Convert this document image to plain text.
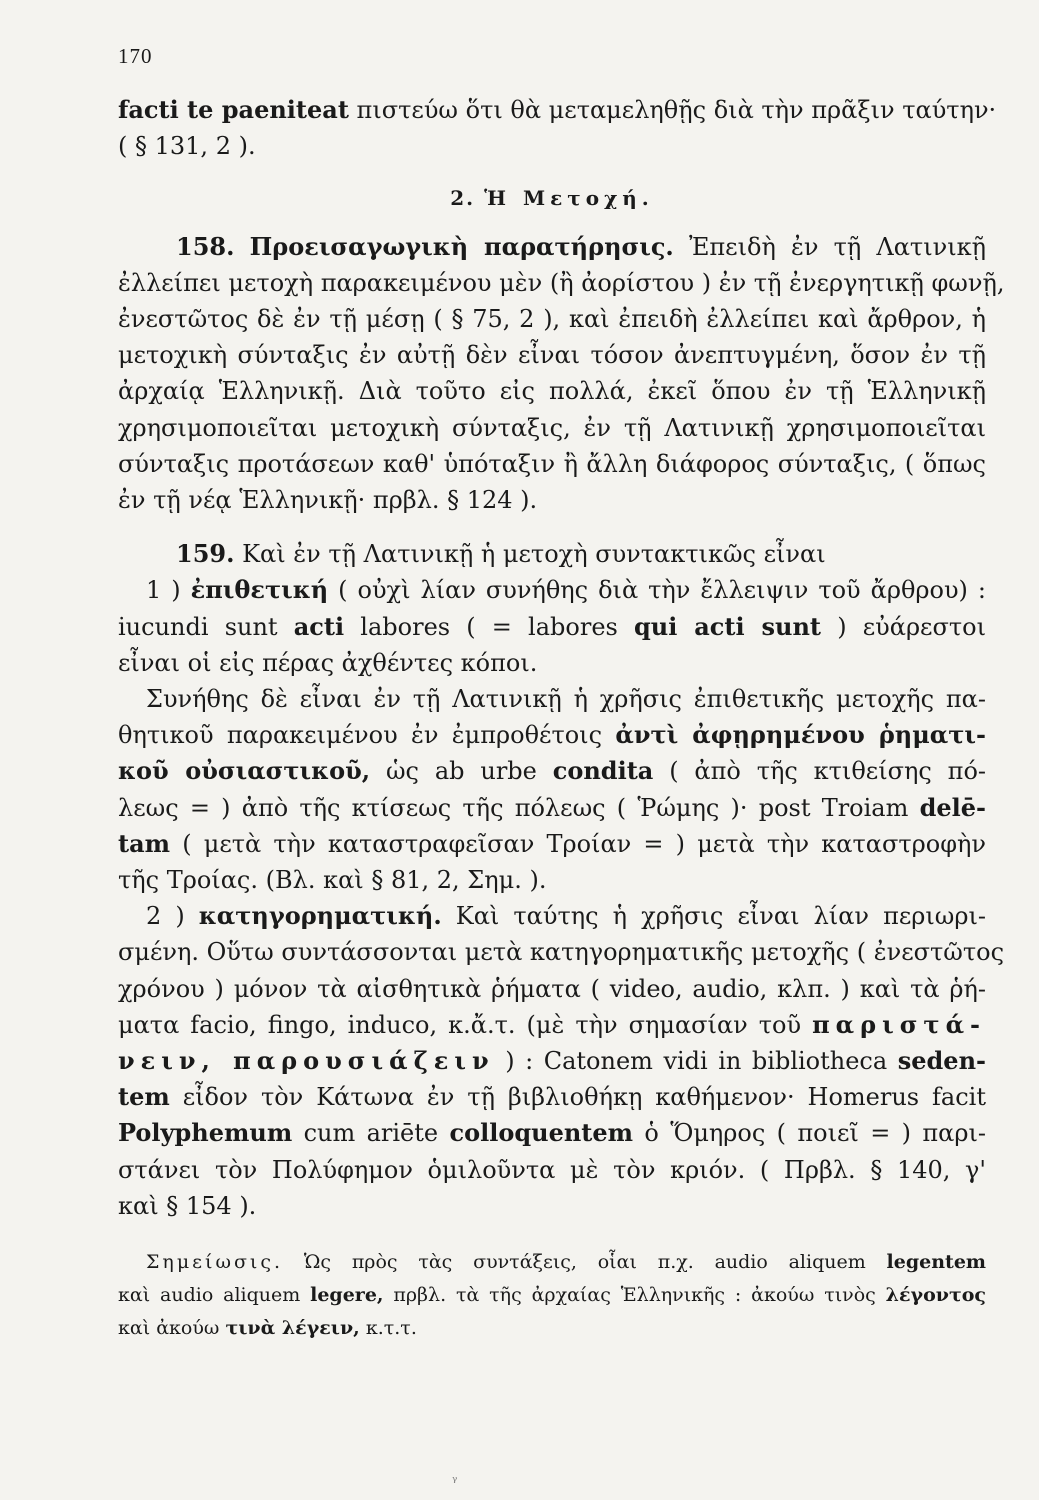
170
facti te paeniteat πιστεύω ὅτι θὰ μεταμεληθῇς διὰ τὴν πρᾶξιν ταύτην·
( § 131, 2 ).
2. Ἡ Μετοχή.
158. Προεισαγωγικὴ παρατήρησις. Ἐπειδὴ ἐν τῇ Λατινικῇ
ἐλλείπει μετοχὴ παρακειμένου μὲν (ἢ ἀορίστου ) ἐν τῇ ἐνεργητικῇ φωνῇ,
ἐνεστῶτος δὲ ἐν τῇ μέσῃ ( § 75, 2 ), καὶ ἐπειδὴ ἐλλείπει καὶ ἄρθρον, ἡ
μετοχικὴ σύνταξις ἐν αὐτῇ δὲν εἶναι τόσον ἀνεπτυγμένη, ὅσον ἐν τῇ
ἀρχαίᾳ Ἑλληνικῇ. Διὰ τοῦτο εἰς πολλά, ἐκεῖ ὅπου ἐν τῇ Ἑλληνικῇ
χρησιμοποιεῖται μετοχικὴ σύνταξις, ἐν τῇ Λατινικῇ χρησιμοποιεῖται
σύνταξις προτάσεων καθ' ὑπόταξιν ἢ ἄλλη διάφορος σύνταξις, ( ὅπως
ἐν τῇ νέᾳ Ἑλληνικῇ· πρβλ. § 124 ).
159. Καὶ ἐν τῇ Λατινικῇ ἡ μετοχὴ συντακτικῶς εἶναι
1 ) ἐπιθετική ( οὐχὶ λίαν συνήθης διὰ τὴν ἔλλειψιν τοῦ ἄρθρου) :
iucundi sunt acti labores ( = labores qui acti sunt ) εὐάρεστοι
εἶναι οἱ εἰς πέρας ἀχθέντες κόποι.
Συνήθης δὲ εἶναι ἐν τῇ Λατινικῇ ἡ χρῆσις ἐπιθετικῆς μετοχῆς πα-
θητικοῦ παρακειμένου ἐν ἐμπροθέτοις ἀντὶ ἀφῃρημένου ῥηματι-
κοῦ οὐσιαστικοῦ, ὡς ab urbe condita ( ἀπὸ τῆς κτιθείσης πό-
λεως = ) ἀπὸ τῆς κτίσεως τῆς πόλεως ( Ῥώμης )· post Troiam delē-
tam ( μετὰ τὴν καταστραφεῖσαν Τροίαν = ) μετὰ τὴν καταστροφὴν
τῆς Τροίας. (Βλ. καὶ § 81, 2, Σημ. ).
2 ) κατηγορηματική. Καὶ ταύτης ἡ χρῆσις εἶναι λίαν περιωρι-
σμένη. Οὕτω συντάσσονται μετὰ κατηγορηματικῆς μετοχῆς ( ἐνεστῶτος
χρόνου ) μόνον τὰ αἰσθητικὰ ῥήματα ( video, audio, κλπ. ) καὶ τὰ ῥή-
ματα facio, fingo, induco, κ.ἄ.τ. (μὲ τὴν σημασίαν τοῦ παριστά-
νειν, παρουσιάζειν ) : Catonem vidi in bibliotheca seden-
tem εἶδον τὸν Κάτωνα ἐν τῇ βιβλιοθήκῃ καθήμενον· Homerus facit
Polyphemum cum ariēte colloquentem ὁ Ὅμηρος ( ποιεῖ = ) παρι-
στάνει τὸν Πολύφημον ὁμιλοῦντα μὲ τὸν κριόν. ( Πρβλ. § 140, γ'
καὶ § 154 ).
Σημείωσις. Ὡς πρὸς τὰς συντάξεις, οἷαι π.χ. audio aliquem legentem
καὶ audio aliquem legere, πρβλ. τὰ τῆς ἀρχαίας Ἑλληνικῆς : ἀκούω τινὸς λέγοντος
καὶ ἀκούω τινὰ λέγειν, κ.τ.τ.
ᵞ
